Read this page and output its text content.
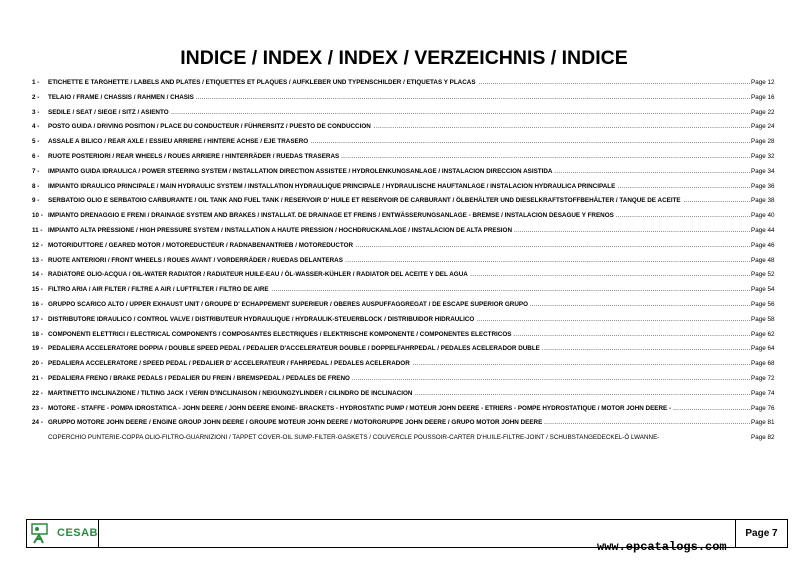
INDICE / INDEX / INDEX / VERZEICHNIS / INDICE
1 - ETICHETTE E TARGHETTE / LABELS AND PLATES / ETIQUETTES ET PLAQUES / AUFKLEBER UND TYPENSCHILDER / ETIQUETAS Y PLACAS .....	Page 12
2 - TELAIO / FRAME / CHASSIS / RAHMEN / CHASIS .....	Page 16
3 - SEDILE / SEAT / SIEGE / SITZ / ASIENTO .....	Page 22
4 - POSTO GUIDA / DRIVING POSITION / PLACE DU CONDUCTEUR / FÜHRERSITZ / PUESTO DE CONDUCCION .....	Page 24
5 - ASSALE A BILICO / REAR AXLE / ESSIEU ARRIERE / HINTERE ACHSE / EJE TRASERO .....	Page 28
6 - RUOTE POSTERIORI / REAR WHEELS / ROUES ARRIERE / HINTERRÄDER / RUEDAS TRASERAS .....	Page 32
7 - IMPIANTO GUIDA IDRAULICA / POWER STEERING SYSTEM / INSTALLATION DIRECTION ASSISTEE / HYDROLENKUNGSANLAGE / INSTALACION DIRECCION ASISTIDA .....	Page 34
8 - IMPIANTO IDRAULICO PRINCIPALE / MAIN HYDRAULIC SYSTEM / INSTALLATION HYDRAULIQUE PRINCIPALE / HYDRAULISCHE HAUFTANLAGE / INSTALACION HYDRAULICA PRINCIPALE .....	Page 36
9 - SERBATOIO OLIO E SERBATOIO CARBURANTE / OIL TANK AND FUEL TANK / RESERVOIR D' HUILE ET RESERVOIR DE CARBURANT / ÖLBEHÄLTER UND DIESELKRAFTSTOFFBEHÄLTER / TANQUE DE ACEITE .....	Page 38
10 - IMPIANTO DRENAGGIO E FRENI / DRAINAGE SYSTEM AND BRAKES / INSTALLAT. DE DRAINAGE ET FREINS / ENTWÄSSERUNGSANLAGE - BREMSE / INSTALACION DESAGUE Y FRENOS .....	Page 40
11 - IMPIANTO ALTA PRESSIONE / HIGH PRESSURE SYSTEM / INSTALLATION A HAUTE PRESSION / HOCHDRUCKANLAGE / INSTALACION DE ALTA PRESION .....	Page 44
12 - MOTORIDUTTORE / GEARED MOTOR / MOTOREDUCTEUR / RADNABENANTRIEB / MOTOREDUCTOR .....	Page 46
13 - RUOTE ANTERIORI / FRONT WHEELS / ROUES AVANT / VORDERRÄDER / RUEDAS DELANTERAS .....	Page 48
14 - RADIATORE OLIO-ACQUA / OIL-WATER RADIATOR / RADIATEUR HUILE-EAU / ÖL-WASSER-KÜHLER / RADIATOR DEL ACEITE Y DEL AGUA .....	Page 52
15 - FILTRO ARIA / AIR FILTER / FILTRE A AIR / LUFTFILTER / FILTRO DE AIRE .....	Page 54
16 - GRUPPO SCARICO ALTO / UPPER EXHAUST UNIT / GROUPE D' ECHAPPEMENT SUPERIEUR / OBERES AUSPUFFAGGREGAT / DE ESCAPE SUPERIOR GRUPO .....	Page 56
17 - DISTRIBUTORE IDRAULICO / CONTROL VALVE / DISTRIBUTEUR HYDRAULIQUE / HYDRAULIK-STEUERBLOCK / DISTRIBUIDOR HIDRAULICO .....	Page 58
18 - COMPONENTI ELETTRICI / ELECTRICAL COMPONENTS / COMPOSANTES ELECTRIQUES / ELEKTRISCHE KOMPONENTE / COMPONENTES ELECTRICOS .....	Page 62
19 - PEDALIERA ACCELERATORE DOPPIA / DOUBLE SPEED PEDAL / PEDALIER D'ACCELERATEUR DOUBLE / DOPPELFAHRPEDAL / PEDALES ACELERADOR DUBLE .....	Page 64
20 - PEDALIERA ACCELERATORE / SPEED PEDAL / PEDALIER D' ACCELERATEUR / FAHRPEDAL / PEDALES ACELERADOR .....	Page 68
21 - PEDALIERA FRENO / BRAKE PEDALS / PEDALIER DU FREIN / BREMSPEDAL / PEDALES DE FRENO .....	Page 72
22 - MARTINETTO INCLINAZIONE / TILTING JACK / VERIN D'INCLINAISON / NEIGUNGZYLINDER / CILINDRO DE INCLINACION .....	Page 74
23 - MOTORE - STAFFE - POMPA IDROSTATICA - JOHN DEERE / JOHN DEERE ENGINE- BRACKETS - HYDROSTATIC PUMP / MOTEUR JOHN DEERE - ETRIERS - POMPE HYDROSTATIQUE / MOTOR JOHN DEERE - .....	Page 76
24 - GRUPPO MOTORE JOHN DEERE / ENGINE GROUP JOHN DEERE / GROUPE MOTEUR JOHN DEERE / MOTORGRUPPE JOHN DEERE / GRUPO MOTOR JOHN DEERE .....	Page 81
COPERCHIO PUNTERIE-COPPA OLIO-FILTRO-GUARNIZIONI / TAPPET COVER-OIL SUMP-FILTER-GASKETS / COUVERCLE POUSSOIR-CARTER D'HUILE-FILTRE-JOINT / SCHUBSTANGEDECKEL-Ö LWANNE-	Page 82
CESAB	Page 7
www.epcatalogs.com
